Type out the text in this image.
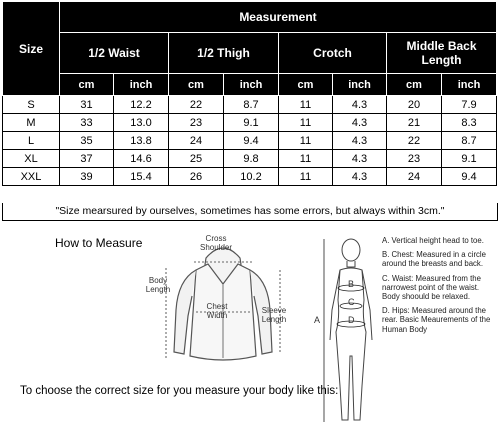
Size	Measurement							
	1/2 Waist		1/2 Thigh		Crotch		Middle Back Length	
	cm	inch	cm	inch	cm	inch	cm	inch
S	31	12.2	22	8.7	11	4.3	20	7.9
M	33	13.0	23	9.1	11	4.3	21	8.3
L	35	13.8	24	9.4	11	4.3	22	8.7
XL	37	14.6	25	9.8	11	4.3	23	9.1
XXL	39	15.4	26	10.2	11	4.3	24	9.4
"Size mearsured by ourselves, sometimes has some errors, but always within 3cm."
How to Measure	Cross
Shoulder
Body
Length
Chest
Width
Sleeve
Length
To choose the correct size for you measure your body like this:
A
B
C
D
A. Vertical height head to toe.
B. Chest: Measured in a circle around the breasts and back.
C. Waist: Measured from the narrowest point of the waist. Body shoould be relaxed.
D. Hips: Measured around the rear. Basic Meaurements of the Human Body
